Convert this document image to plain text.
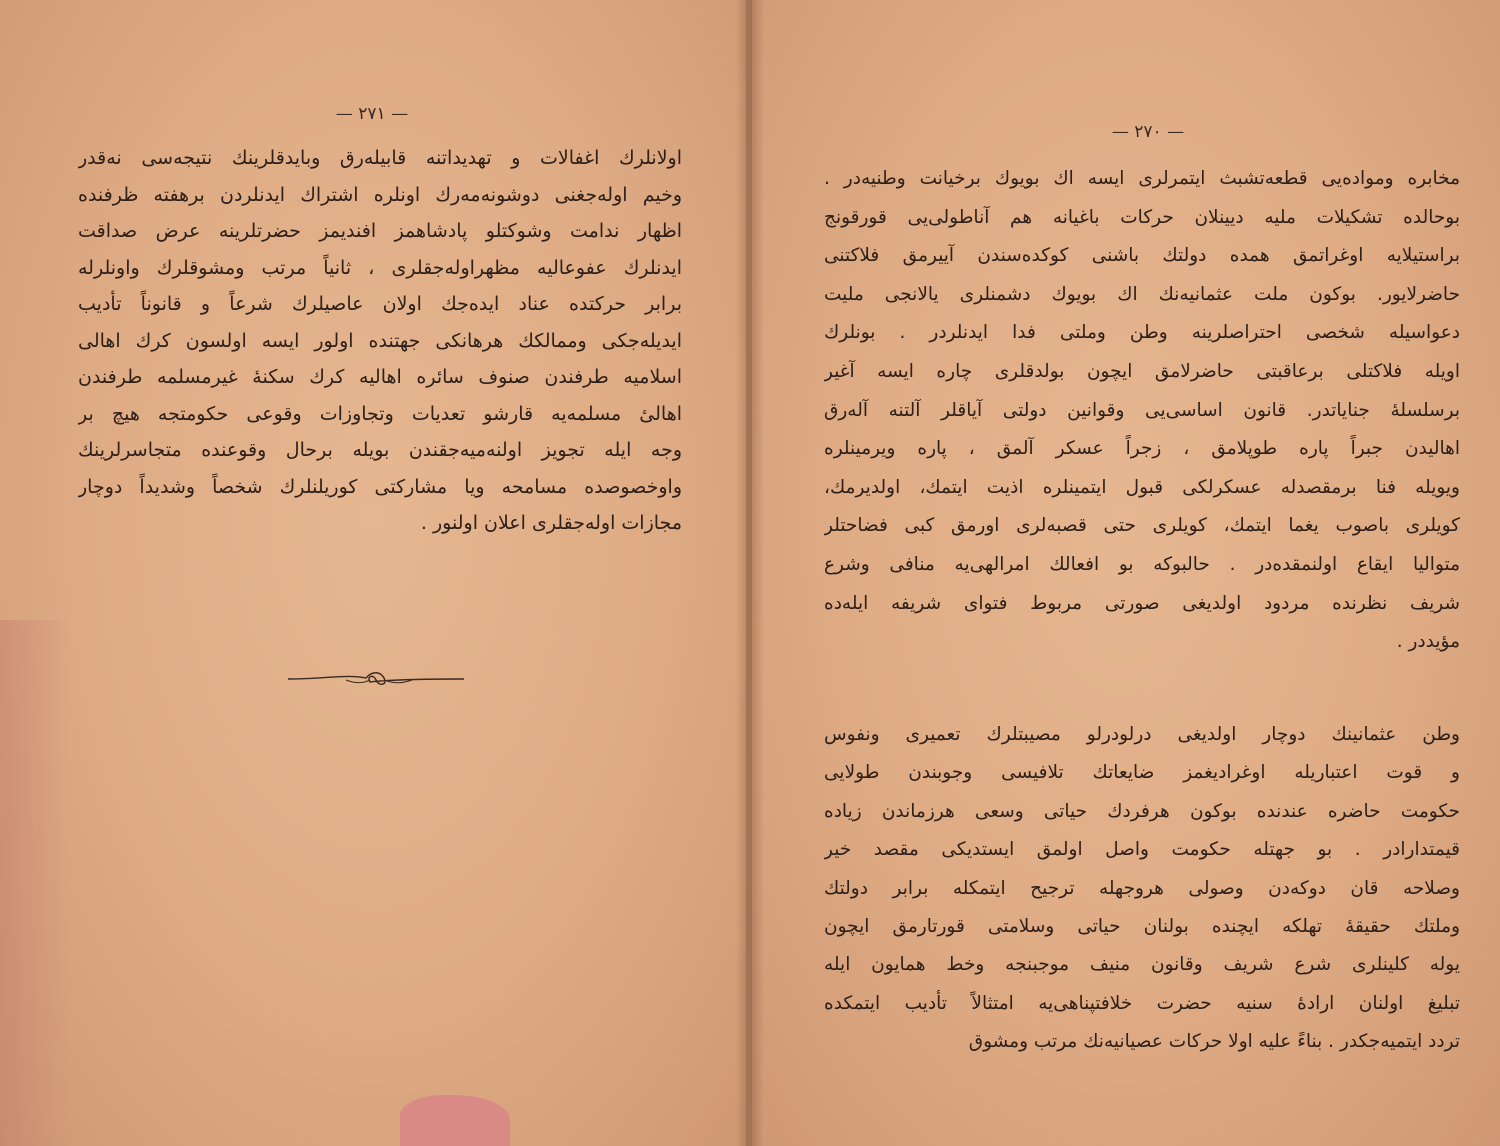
— ٢٧١ —
اولانلرك اغفالات و تهديداتنه قابيله‌رق وبايدقلرينك نتيجه‌سی نه‌قدر
وخيم اوله‌جغنی دوشونه‌مه‌رك اونلره اشتراك ايدنلردن برهفته ظرفنده
اظهار ندامت وشوكتلو پادشاهمز افنديمز حضرتلرينه عرض صداقت
ايدنلرك عفوعاليه مظهراوله‌جقلری ، ثانياً مرتب ومشوقلرك واونلرله
برابر حركتده عناد ايده‌جك اولان عاصيلرك شرعاً و قانوناً تأديب
ايديله‌جكی وممالكك هرهانكی جهتنده اولور ايسه اولسون كرك اهالی
اسلاميه طرفندن صنوف سائره اهاليه كرك سكنهٔ غيرمسلمه طرفندن
اهالیٔ مسلمه‌يه قارشو تعديات وتجاوزات وقوعی حكومتجه هيچ بر
وجه ايله تجويز اولنه‌ميه‌جقندن بويله برحال وقوعنده متجاسرلرينك
واوخصوصده مسامحه ويا مشاركتی كوريلنلرك شخصاً وشديداً دوچار
مجازات اوله‌جقلری اعلان اولنور .
— ٢٧٠ —
مخابره ومواده‌يی قطعه‌تشبث ايتمرلری ايسه اك بويوك برخيانت وطنيه‌در .
بوحالده تشكيلات مليه ديينلان حركات باغيانه هم آناطولی‌يی قورقونج
براستيلايه اوغراتمق همده دولتك باشنی كوكده‌سندن آييرمق فلاكتنی
حاضرلايور. بوكون ملت عثمانيه‌نك اك بويوك دشمنلری يالانجی مليت
دعواسيله شخصی احتراصلرينه وطن وملتی فدا ايدنلردر . بونلرك
اويله فلاكتلی برعاقبتی حاضرلامق ايچون بولدقلری چاره ايسه آغير
برسلسلهٔ جناياتدر. قانون اساسی‌يی وقوانين دولتی آياقلر آلتنه آله‌رق
اهاليدن جبراً پاره طوپلامق ، زجراً عسكر آلمق ، پاره ويرمينلره
ويويله فنا برمقصدله عسكرلكی قبول ايتمينلره اذيت ايتمك، اولديرمك،
كويلری باصوب يغما ايتمك، كويلری حتی قصبه‌لری اورمق كبی فضاحتلر
متواليا ايقاع اولنمقده‌در . حالبوكه بو افعالك امرالهی‌يه منافی وشرع
شريف نظرنده مردود اولديغی صورتی مربوط فتوای شريفه ايله‌ده
مؤيددر .
وطن عثمانينك دوچار اولديغی درلودرلو مصيبتلرك تعميری ونفوس
و قوت اعتباريله اوغراديغمز ضايعاتك تلافيسی وجوبندن طولايی
حكومت حاضره عندنده بوكون هرفردك حياتی وسعی هرزماندن زياده
قيمتدارادر . بو جهتله حكومت واصل اولمق ايستديكی مقصد خير
وصلاحه قان دوكه‌دن وصولی هروجهله ترجيح ايتمكله برابر دولتك
وملتك حقيقهٔ تهلكه ايچنده بولنان حياتی وسلامتی قورتارمق ايچون
يوله كلينلری شرع شريف وقانون منيف موجبنجه وخط همايون ايله
تبليغ اولنان ارادهٔ سنيه حضرت خلافتپناهی‌يه امتثالاً تأديب ايتمكده
تردد ايتميه‌جكدر . بناءً عليه اولا حركات عصيانيه‌نك مرتب ومشوق
